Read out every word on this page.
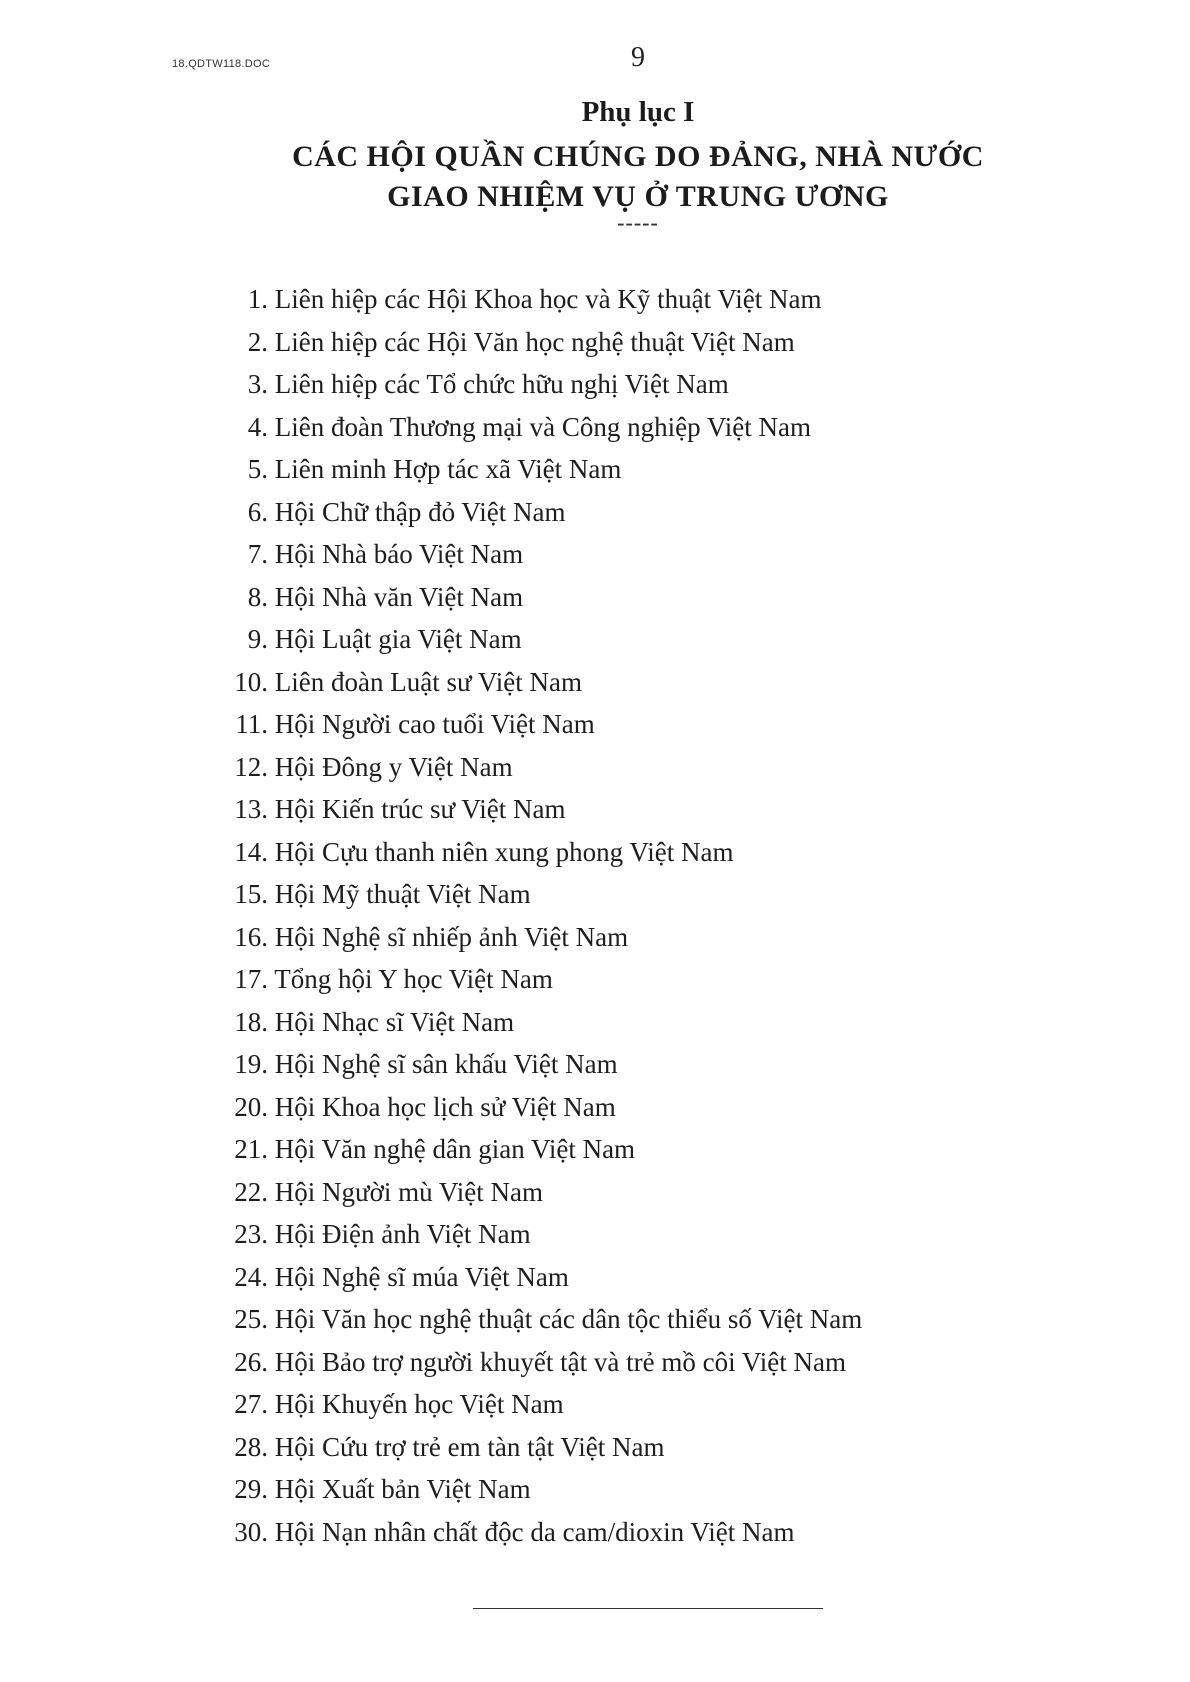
18.QDTW118.DOC	9
Phụ lục I
CÁC HỘI QUẦN CHÚNG DO ĐẢNG, NHÀ NƯỚC
GIAO NHIỆM VỤ Ở TRUNG ƯƠNG
-----
1. Liên hiệp các Hội Khoa học và Kỹ thuật Việt Nam
2. Liên hiệp các Hội Văn học nghệ thuật Việt Nam
3. Liên hiệp các Tổ chức hữu nghị Việt Nam
4. Liên đoàn Thương mại và Công nghiệp Việt Nam
5. Liên minh Hợp tác xã Việt Nam
6. Hội Chữ thập đỏ Việt Nam
7. Hội Nhà báo Việt Nam
8. Hội Nhà văn Việt Nam
9. Hội Luật gia Việt Nam
10. Liên đoàn Luật sư Việt Nam
11. Hội Người cao tuổi Việt Nam
12. Hội Đông y Việt Nam
13. Hội Kiến trúc sư Việt Nam
14. Hội Cựu thanh niên xung phong Việt Nam
15. Hội Mỹ thuật Việt Nam
16. Hội Nghệ sĩ nhiếp ảnh Việt Nam
17. Tổng hội Y học Việt Nam
18. Hội Nhạc sĩ Việt Nam
19. Hội Nghệ sĩ sân khấu Việt Nam
20. Hội Khoa học lịch sử Việt Nam
21. Hội Văn nghệ dân gian Việt Nam
22. Hội Người mù Việt Nam
23. Hội Điện ảnh Việt Nam
24. Hội Nghệ sĩ múa Việt Nam
25. Hội Văn học nghệ thuật các dân tộc thiểu số Việt Nam
26. Hội Bảo trợ người khuyết tật và trẻ mồ côi Việt Nam
27. Hội Khuyến học Việt Nam
28. Hội Cứu trợ trẻ em tàn tật Việt Nam
29. Hội Xuất bản Việt Nam
30. Hội Nạn nhân chất độc da cam/dioxin Việt Nam
